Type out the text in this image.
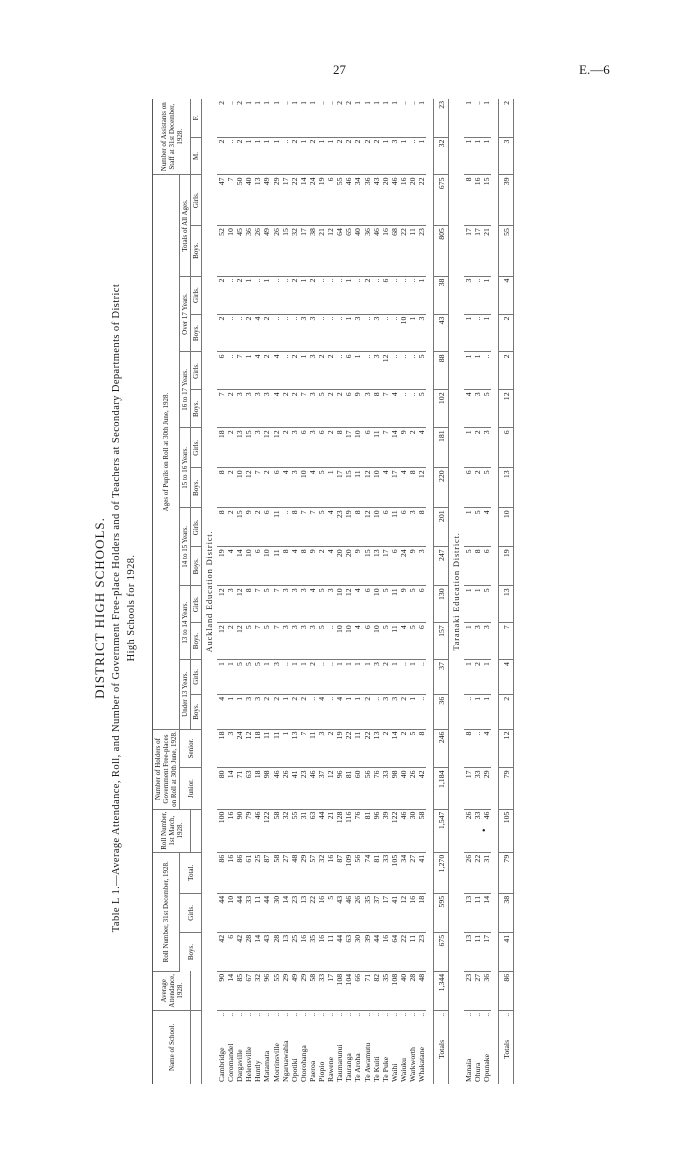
27	E.—6
•
DISTRICT HIGH SCHOOLS. Table L 1.—Average Attendance, Roll, and Number of Government Free-place Holders and of Teachers at Secondary Departments of District High Schools for 1928.
Name of School.	Average Attendance, 1928.	Roll Number, 31st December, 1928.			Roll Number, 1st March, 1928.	Number of Holders of Government Free-places on Roll at 30th June, 1928.		Ages of Pupils on Roll at 30th June, 1928.														Number of Assistants on Staff at 31st December, 1928.	
		Boys.	Girls.	Total.		Junior.	Senior.	Under 13 Years.		13 to 14 Years.		14 to 15 Years.		15 to 16 Years.		16 to 17 Years.		Over 17 Years.		Totals of All Ages.			
								Boys.	Girls.	Boys.	Girls.	Boys.	Girls.	Boys.	Girls.	Boys.	Girls.	Boys.	Girls.	Boys.	Girls.	M.	F.
Auckland Education District.																							
Cambridge
..	90	42	44	86	100	80	18	4	1	12	12	19	8	8	18	7	6	2	2	52	47	2	2
Coromandel
..	14	6	10	16	16	14	3	1	1	2	3	4	2	2	2	2	..	..	..	10	7	..	..
Dargaville
..	85	42	44	86	90	71	24	1	5	12	12	14	15	10	13	3	7	..	2	45	50	2	2
Helensville
..	67	28	33	61	79	63	12	3	5	5	8	10	9	12	15	3	1	2	1	36	40	1	1
Huntly
..	32	14	11	25	46	18	18	3	5	7	7	6	2	7	3	3	4	4	..	26	13	1	1
Matamata
..	96	43	44	87	122	98	11	2	1	5	5	10	6	2	12	3	2	2	1	49	49	1	1
Morrinsville
..	55	28	30	58	58	46	11	2	3	7	7	11	11	6	12	4	4	..	..	26	29	1	1
Ngaruawahia
..	29	13	14	27	32	26	1	1	..	3	3	8	..	4	2	2	..	..	..	15	17	..	..
Opotiki
..	49	25	23	48	55	41	13	2	1	3	3	4	8	3	3	2	2	..	2	32	22	2	1
Otorohanga
..	29	16	13	29	31	23	7	2	1	3	3	8	7	10	6	7	1	3	1	17	14	1	1
Paeroa
..	58	35	22	57	63	46	11	..	2	3	4	9	7	4	3	3	3	3	2	38	24	2	1
Piopio
..	33	16	16	32	44	37	3	4	..	5	5	2	5	5	6	5	2	..	..	21	19	1	..
Rawene
..	17	11	5	16	21	12	2	..	..	..	3	4	4	1	2	2	2	..	..	12	6	1	..
Taumarunui
..	108	44	43	87	128	96	19	4	1	10	10	20	23	17	8	2	..	..	..	64	55	2	2
Tauranga
..	104	63	46	109	116	81	22	1	1	10	12	20	19	15	17	6	6	1	1	65	46	2	2
Te Aroha
..	66	30	26	56	76	60	11	1	1	4	4	9	8	11	10	9	1	3	..	40	34	2	1
Te Awamutu
..	71	39	35	74	81	56	22	2	1	6	6	15	12	12	6	3	..	..	2	36	36	2	1
Te Kuiti
..	82	44	37	81	96	76	13	..	3	10	10	13	10	10	11	8	3	3	..	46	43	2	1
Te Puke
..	35	16	17	33	39	33	2	3	2	5	5	17	6	4	7	7	12	..	6	16	20	1	1
Waihi
..	108	64	41	105	122	98	14	3	1	11	11	6	11	17	14	4	..	..	..	68	46	3	1
Waiuku
..	40	22	12	34	46	40	2	2	..	4	9	24	6	4	9	..	..	10	..	22	16	1	..
Warkworth
..	28	11	16	27	30	26	5	1	1	5	5	9	3	8	2	..	..	1	..	11	20	..	..
Whakatane
..	48	23	18	41	58	42	8	..	..	6	6	3	8	12	4	5	5	3	1	23	22	1	1

Totals
..	1,344	675	595	1,270	1,547	1,184	246	36	37	157	130	247	201	220	181	102	88	43	38	805	675	32	23
Taranaki Education District.																							
Manaia
..	23	13	13	26	26	17	8	..	1	1	1	5	1	6	1	4	1	1	3	17	8	1	1
Ohura
..	27	11	11	22	33	33	..	1	2	3	1	8	5	2	2	3	1	..	..	17	16	1	..
Opunake
..	36	17	14	31	46	29	4	1	1	3	5	6	4	5	3	5	..	1	1	21	15	1	1

Totals
..	86	41	38	79	105	79	12	2	4	7	13	19	10	13	6	12	2	2	4	55	39	3	2
